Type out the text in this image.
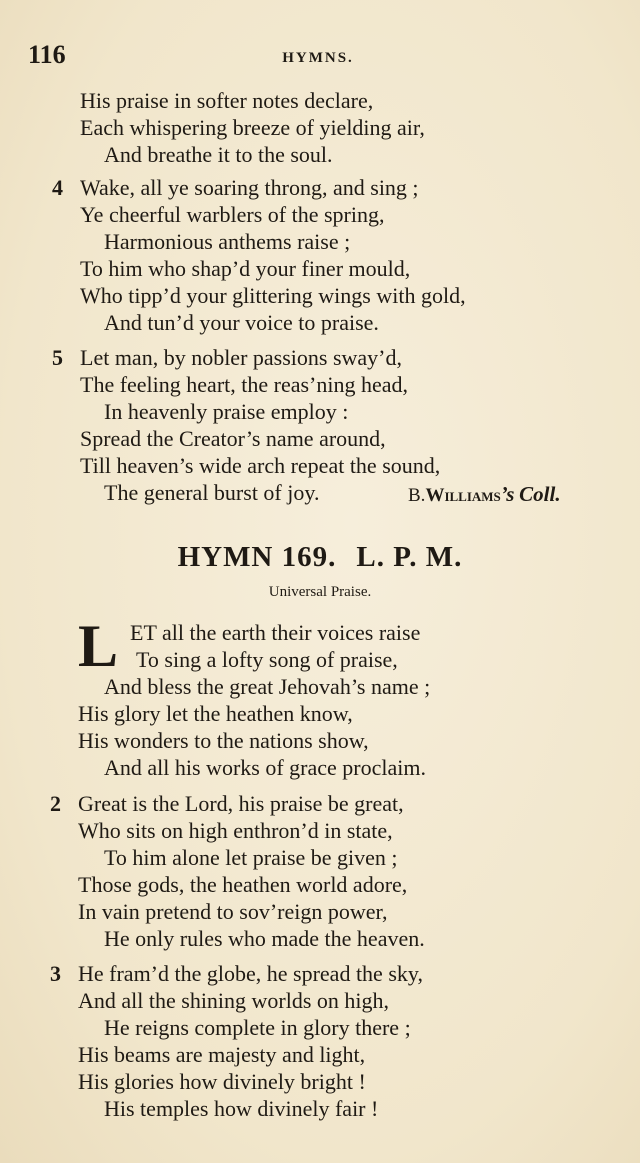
116	HYMNS.
His praise in softer notes declare,
Each whispering breeze of yielding air,
And breathe it to the soul.
4 Wake, all ye soaring throng, and sing ;
Ye cheerful warblers of the spring,
Harmonious anthems raise ;
To him who shap’d your finer mould,
Who tipp’d your glittering wings with gold,
And tun’d your voice to praise.
5 Let man, by nobler passions sway’d,
The feeling heart, the reas’ning head,
In heavenly praise employ :
Spread the Creator’s name around,
Till heaven’s wide arch repeat the sound,
The general burst of joy.	B.Williams’s Coll.
HYMN 169. L. P. M.
Universal Praise.
L ET all the earth their voices raise
To sing a lofty song of praise,
And bless the great Jehovah’s name ;
His glory let the heathen know,
His wonders to the nations show,
And all his works of grace proclaim.
2 Great is the Lord, his praise be great,
Who sits on high enthron’d in state,
To him alone let praise be given ;
Those gods, the heathen world adore,
In vain pretend to sov’reign power,
He only rules who made the heaven.
3 He fram’d the globe, he spread the sky,
And all the shining worlds on high,
He reigns complete in glory there ;
His beams are majesty and light,
His glories how divinely bright !
His temples how divinely fair !
